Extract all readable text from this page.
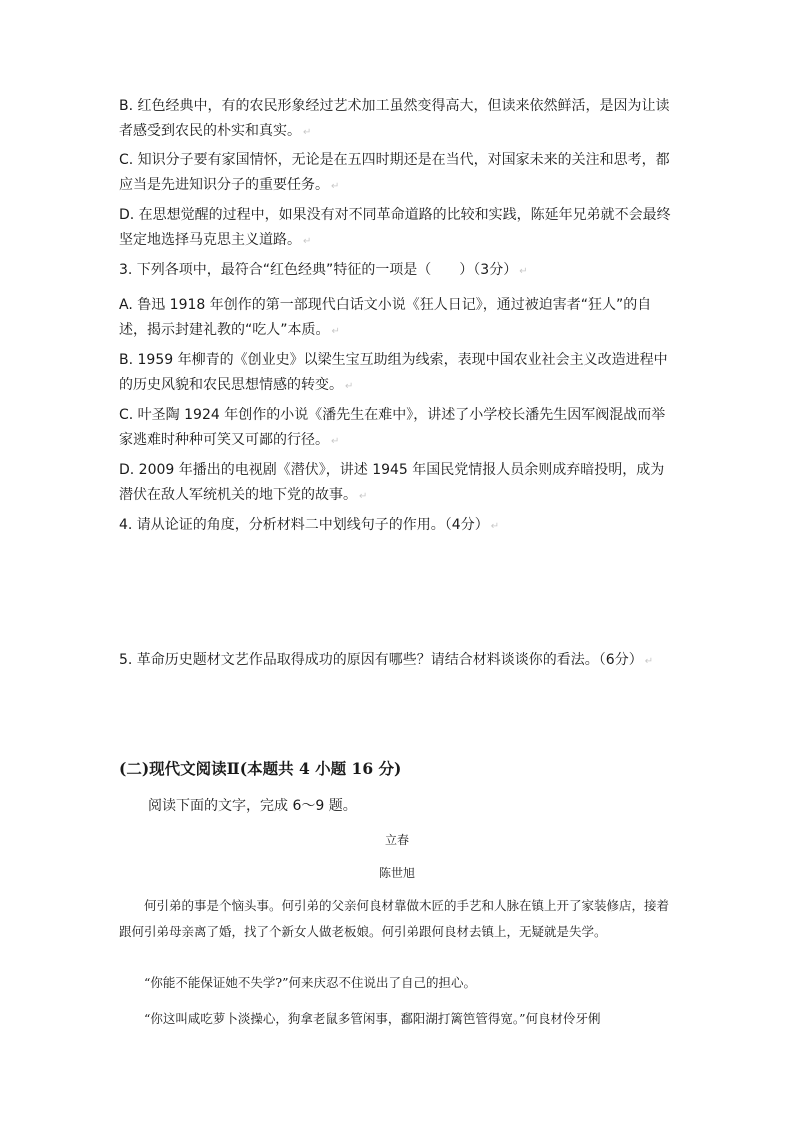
B. 红色经典中，有的农民形象经过艺术加工虽然变得高大，但读来依然鲜活，是因为让读者感受到农民的朴实和真实。 ↵

C. 知识分子要有家国情怀，无论是在五四时期还是在当代，对国家未来的关注和思考，都应当是先进知识分子的重要任务。 ↵

D. 在思想觉醒的过程中，如果没有对不同革命道路的比较和实践，陈延年兄弟就不会最终坚定地选择马克思主义道路。 ↵

3. 下列各项中，最符合“红色经典”特征的一项是（　　）（3分） ↵

A. 鲁迅 1918 年创作的第一部现代白话文小说《狂人日记》，通过被迫害者“狂人”的自述，揭示封建礼教的“吃人”本质。 ↵

B. 1959 年柳青的《创业史》以梁生宝互助组为线索，表现中国农业社会主义改造进程中的历史风貌和农民思想情感的转变。 ↵

C. 叶圣陶 1924 年创作的小说《潘先生在难中》，讲述了小学校长潘先生因军阀混战而举家逃难时种种可笑又可鄙的行径。 ↵

D. 2009 年播出的电视剧《潜伏》，讲述 1945 年国民党情报人员余则成弃暗投明，成为潜伏在敌人军统机关的地下党的故事。 ↵

4. 请从论证的角度，分析材料二中划线句子的作用。（4分） ↵

5. 革命历史题材文艺作品取得成功的原因有哪些？请结合材料谈谈你的看法。（6分） ↵

(二)现代文阅读Ⅱ(本题共 4 小题 16 分)

阅读下面的文字，完成 6～9 题。

立春

陈世旭

何引弟的事是个恼头事。何引弟的父亲何良材靠做木匠的手艺和人脉在镇上开了家装修店，接着跟何引弟母亲离了婚，找了个新女人做老板娘。何引弟跟何良材去镇上，无疑就是失学。

“你能不能保证她不失学?”何来庆忍不住说出了自己的担心。

“你这叫咸吃萝卜淡操心，狗拿老鼠多管闲事，鄱阳湖打篱笆管得宽。”何良材伶牙俐
